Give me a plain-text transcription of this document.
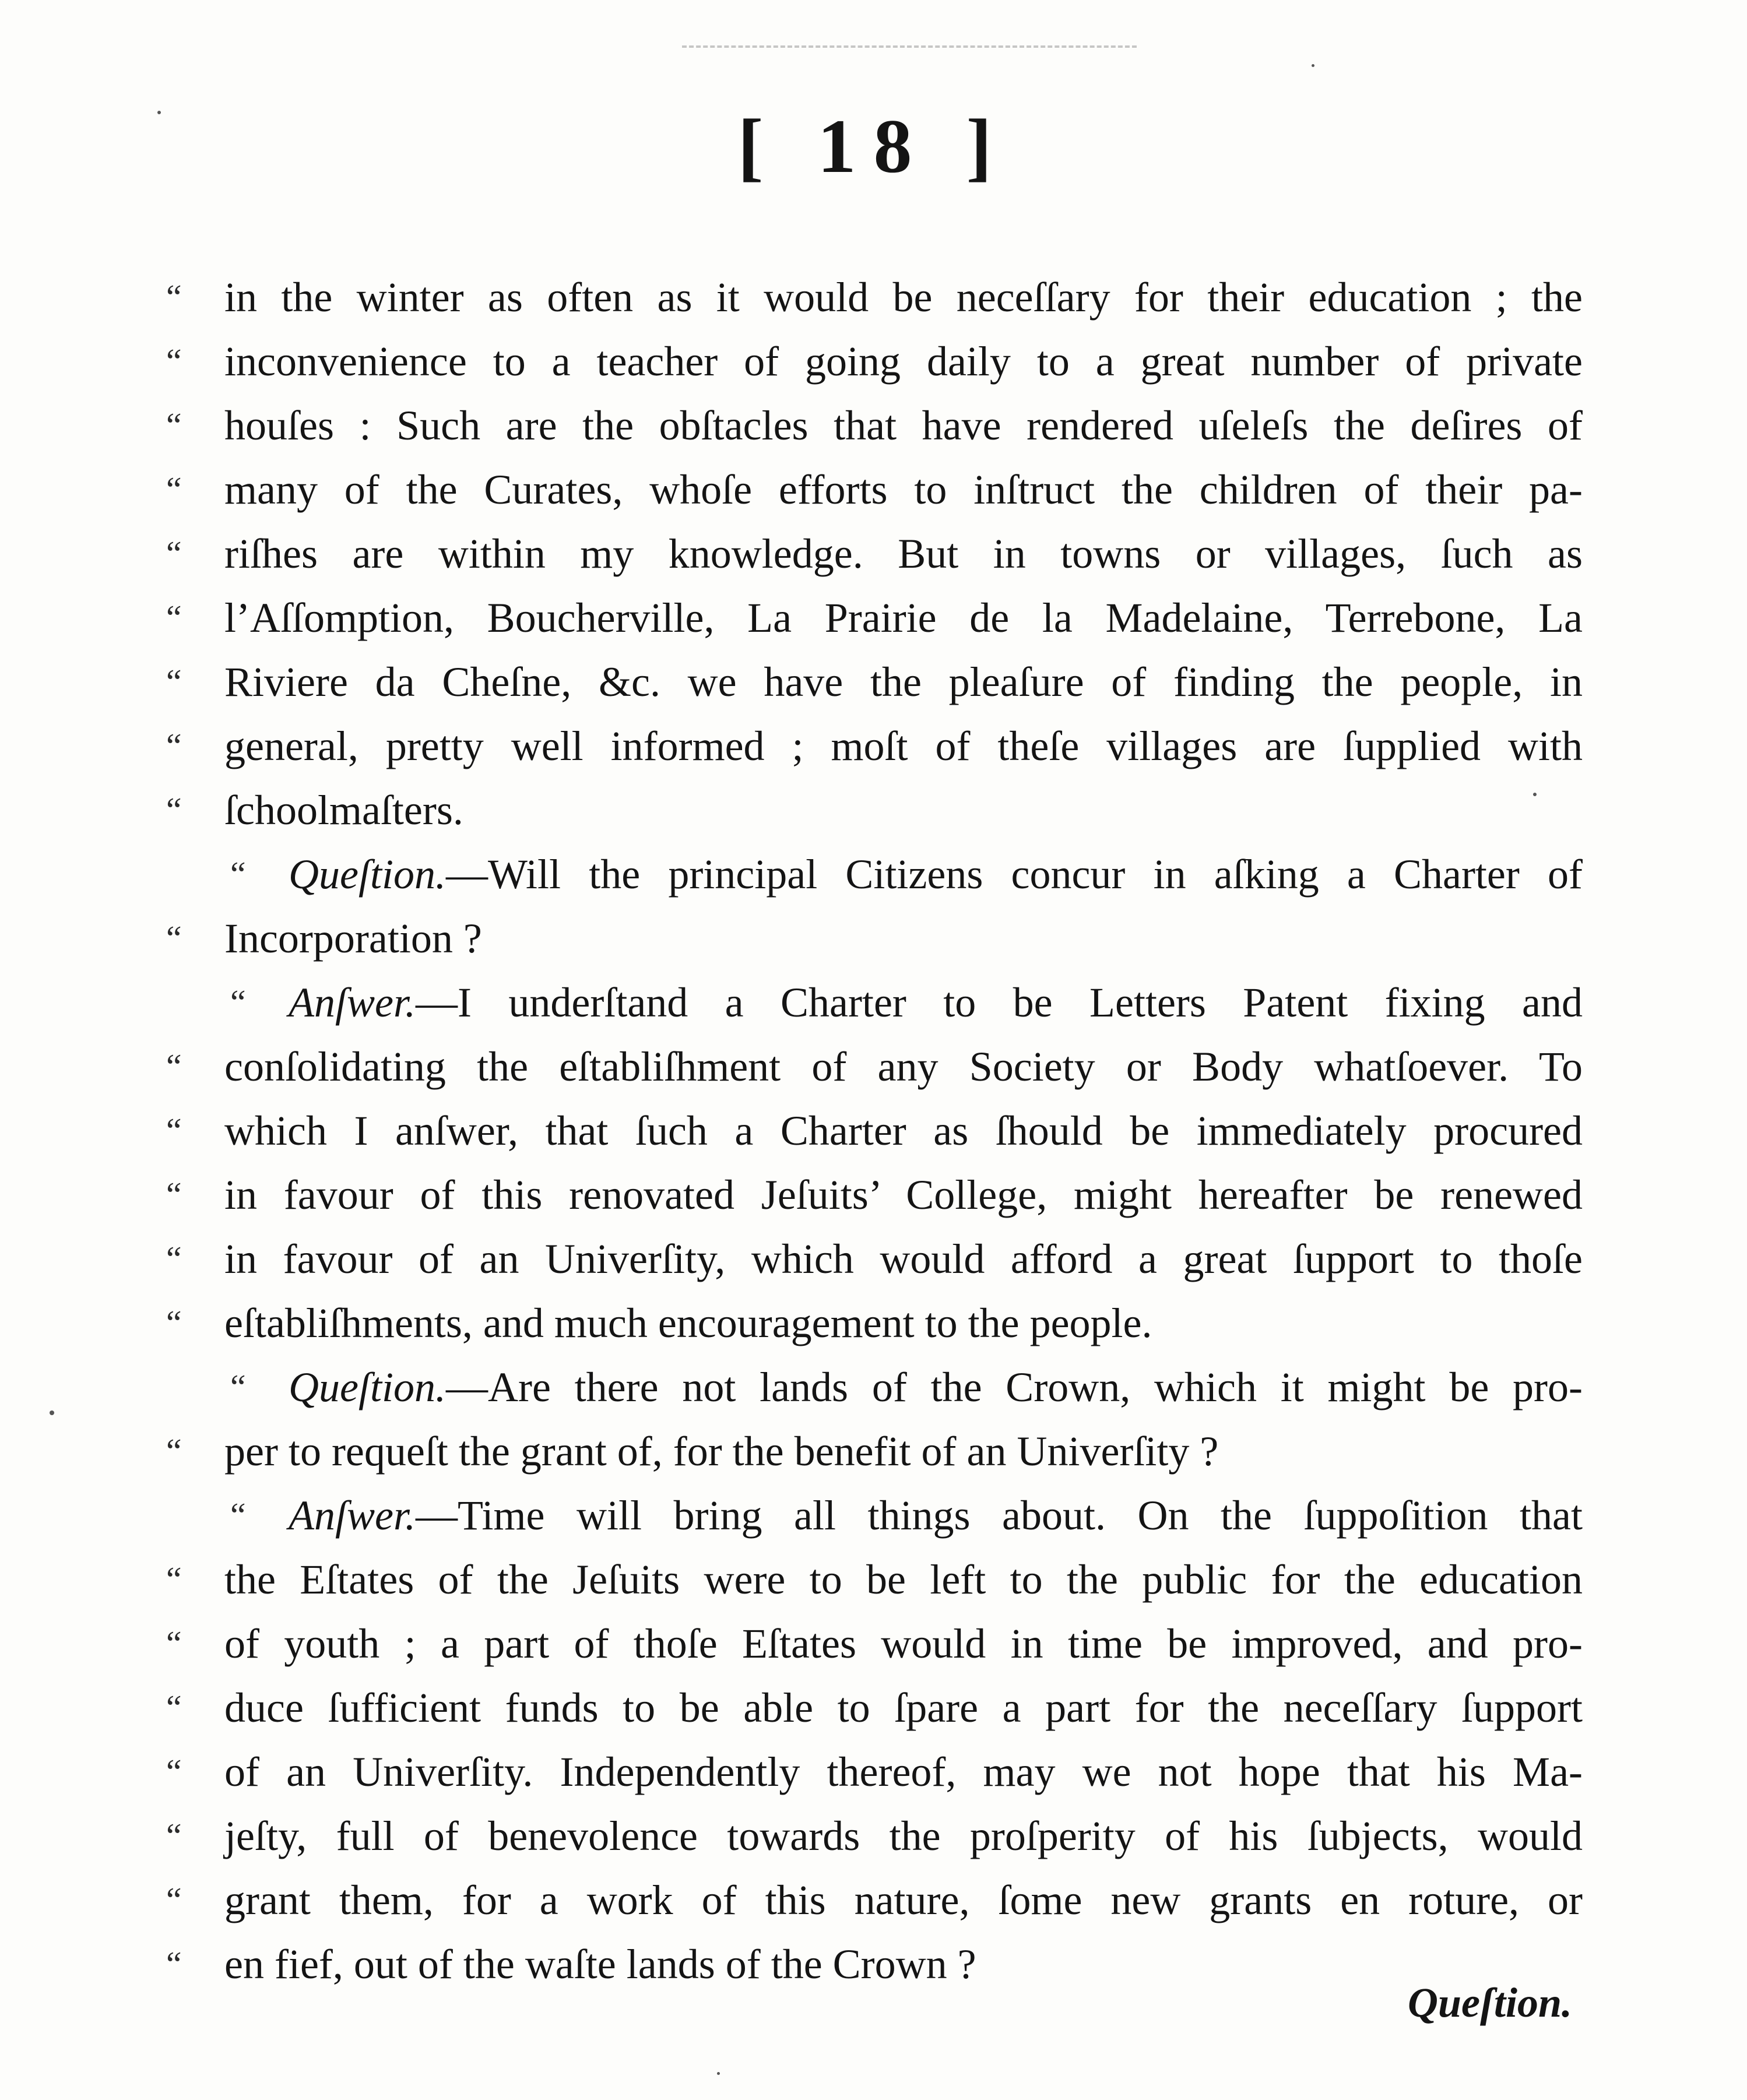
[ 18 ]
“	in the winter as often as it would be neceſſary for their education ; the
“	inconvenience to a teacher of going daily to a great number of private
“	houſes : Such are the obſtacles that have rendered uſeleſs the deſires of
“	many of the Curates, whoſe efforts to inſtruct the children of their pa-
“	riſhes are within my knowledge. But in towns or villages, ſuch as
“	l’Aſſomption, Boucherville, La Prairie de la Madelaine, Terrebone, La
“	Riviere da Cheſne, &c. we have the pleaſure of finding the people, in
“	general, pretty well informed ; moſt of theſe villages are ſupplied with
“	ſchoolmaſters.
“	Queſtion.—Will the principal Citizens concur in aſking a Charter of
“	Incorporation ?
“	Anſwer.—I underſtand a Charter to be Letters Patent fixing and
“	conſolidating the eſtabliſhment of any Society or Body whatſoever. To
“	which I anſwer, that ſuch a Charter as ſhould be immediately procured
“	in favour of this renovated Jeſuits’ College, might hereafter be renewed
“	in favour of an Univerſity, which would afford a great ſupport to thoſe
“	eſtabliſhments, and much encouragement to the people.
“	Queſtion.—Are there not lands of the Crown, which it might be pro-
“	per to requeſt the grant of, for the benefit of an Univerſity ?
“	Anſwer.—Time will bring all things about. On the ſuppoſition that
“	the Eſtates of the Jeſuits were to be left to the public for the education
“	of youth ; a part of thoſe Eſtates would in time be improved, and pro-
“	duce ſufficient funds to be able to ſpare a part for the neceſſary ſupport
“	of an Univerſity. Independently thereof, may we not hope that his Ma-
“	jeſty, full of benevolence towards the proſperity of his ſubjects, would
“	grant them, for a work of this nature, ſome new grants en roture, or
“	en fief, out of the waſte lands of the Crown ?
Queſtion.
